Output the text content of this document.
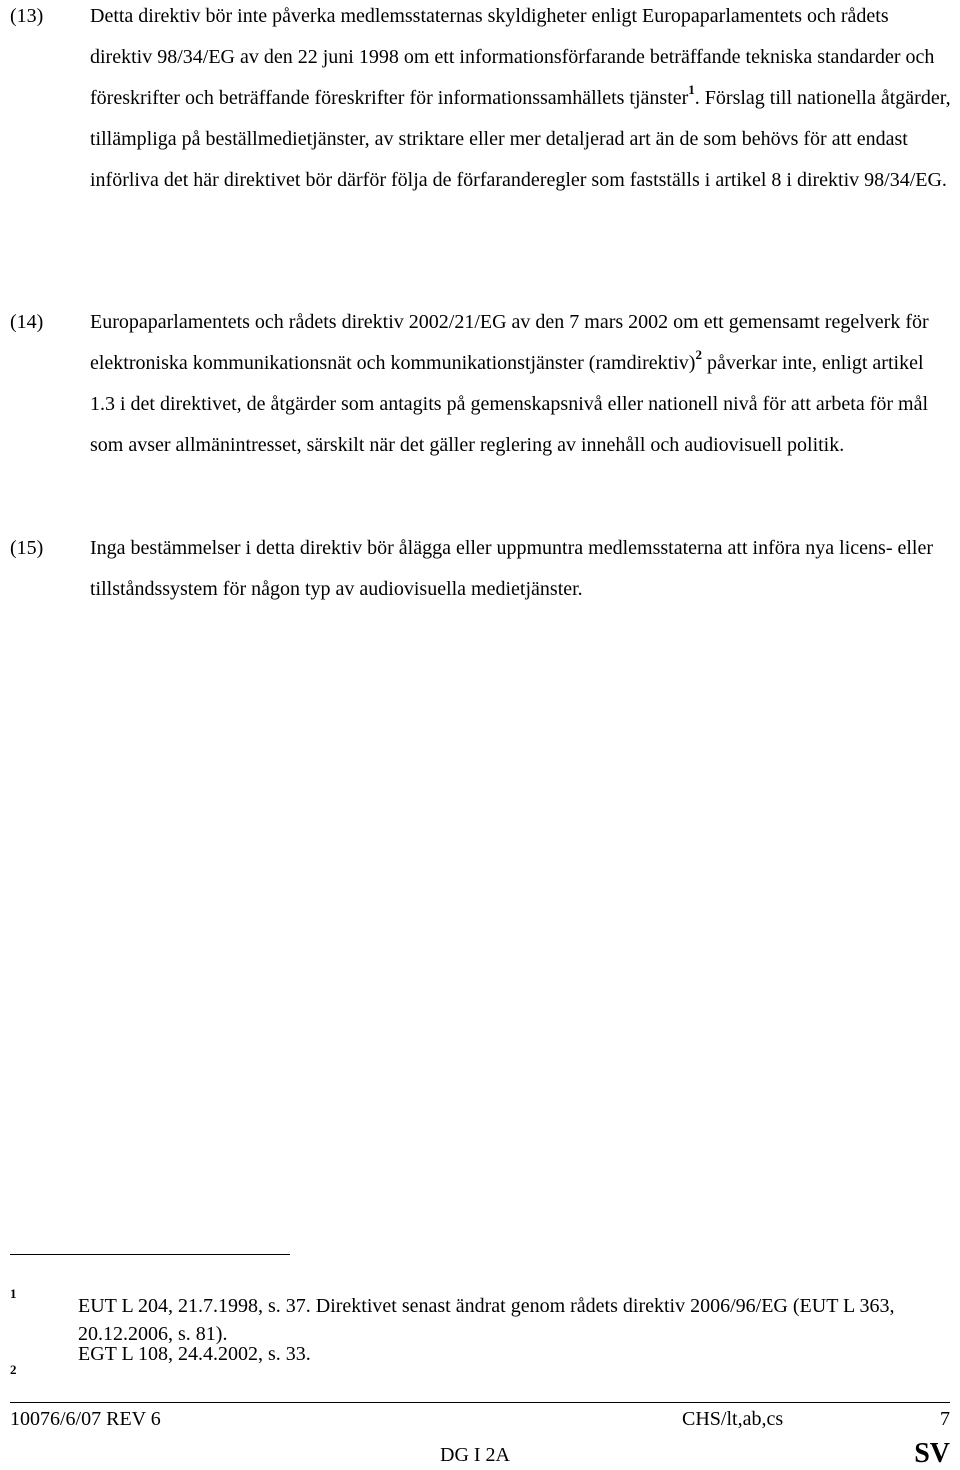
(13)	Detta direktiv bör inte påverka medlemsstaternas skyldigheter enligt Europaparlamentets och rådets direktiv 98/34/EG av den 22 juni 1998 om ett informationsförfarande beträffande tekniska standarder och föreskrifter och beträffande föreskrifter för informationssamhällets tjänster$^1$. Förslag till nationella åtgärder, tillämpliga på beställmedietjänster, av striktare eller mer detaljerad art än de som behövs för att endast införliva det här direktivet bör därför följa de förfaranderegler som fastställs i artikel 8 i direktiv 98/34/EG.
(14)	Europaparlamentets och rådets direktiv 2002/21/EG av den 7 mars 2002 om ett gemensamt regelverk för elektroniska kommunikationsnät och kommunikationstjänster (ramdirektiv)$^2$ påverkar inte, enligt artikel 1.3 i det direktivet, de åtgärder som antagits på gemenskapsnivå eller nationell nivå för att arbeta för mål som avser allmänintresset, särskilt när det gäller reglering av innehåll och audiovisuell politik.
(15)	Inga bestämmelser i detta direktiv bör ålägga eller uppmuntra medlemsstaterna att införa nya licens- eller tillståndssystem för någon typ av audiovisuella medietjänster.
1
EUT L 204, 21.7.1998, s. 37. Direktivet senast ändrat genom rådets direktiv 2006/96/EG (EUT L 363, 20.12.2006, s. 81).
2
EGT L 108, 24.4.2002, s. 33.
10076/6/07 REV 6	CHS/lt,ab,cs	7
DG I 2A	SV
